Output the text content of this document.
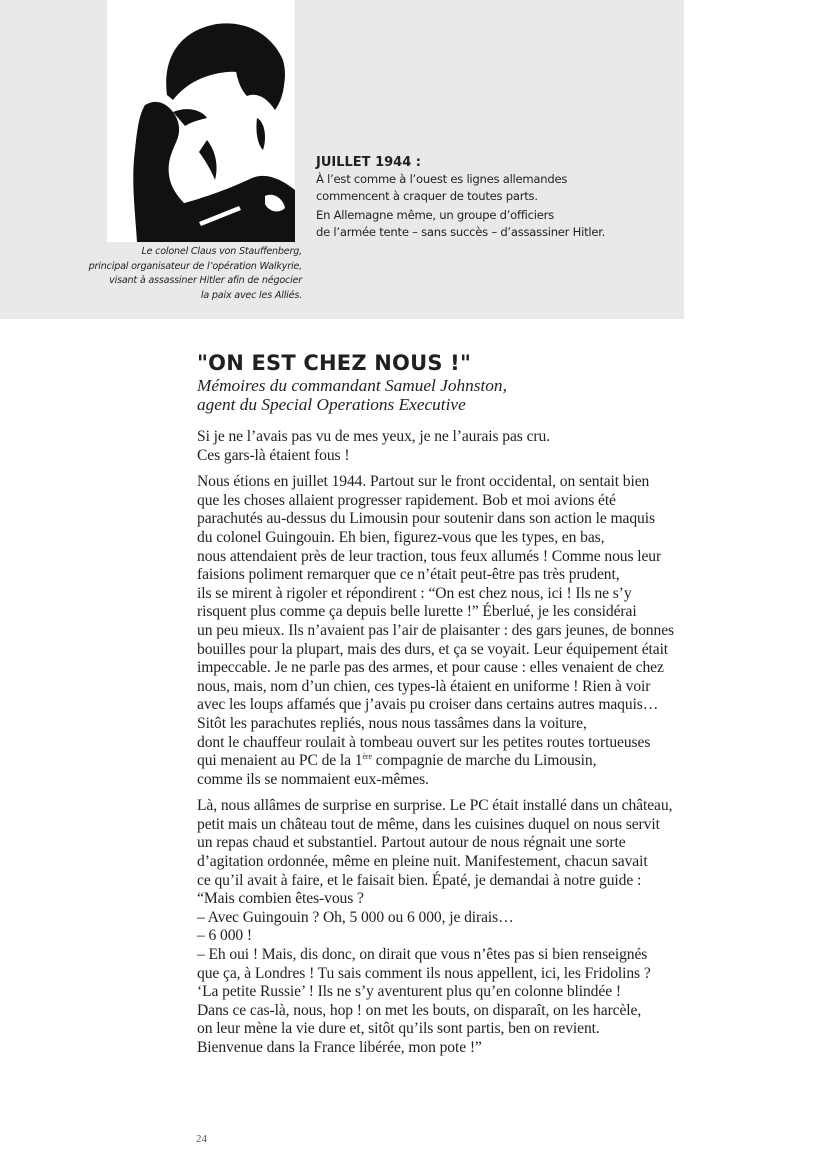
Le colonel Claus von Stauffenberg,
principal organisateur de l’opération Walkyrie,
visant à assassiner Hitler afin de négocier
la paix avec les Alliés.
JUILLET 1944 :

À l’est comme à l’ouest es lignes allemandes
commencent à craquer de toutes parts.

En Allemagne même, un groupe d’officiers
de l’armée tente – sans succès – d’assassiner Hitler.

"ON EST CHEZ NOUS !"
Mémoires du commandant Samuel Johnston,
agent du Special Operations Executive
Si je ne l’avais pas vu de mes yeux, je ne l’aurais pas cru.
Ces gars-là étaient fous !
Nous étions en juillet 1944. Partout sur le front occidental, on sentait bien
que les choses allaient progresser rapidement. Bob et moi avions été
parachutés au-dessus du Limousin pour soutenir dans son action le maquis
du colonel Guingouin. Eh bien, figurez-vous que les types, en bas,
nous attendaient près de leur traction, tous feux allumés ! Comme nous leur
faisions poliment remarquer que ce n’était peut-être pas très prudent,
ils se mirent à rigoler et répondirent : “On est chez nous, ici ! Ils ne s’y
risquent plus comme ça depuis belle lurette !” Éberlué, je les considérai
un peu mieux. Ils n’avaient pas l’air de plaisanter : des gars jeunes, de bonnes
bouilles pour la plupart, mais des durs, et ça se voyait. Leur équipement était
impeccable. Je ne parle pas des armes, et pour cause : elles venaient de chez
nous, mais, nom d’un chien, ces types-là étaient en uniforme ! Rien à voir
avec les loups affamés que j’avais pu croiser dans certains autres maquis…
Sitôt les parachutes repliés, nous nous tassâmes dans la voiture,
dont le chauffeur roulait à tombeau ouvert sur les petites routes tortueuses
qui menaient au PC de la 1ère compagnie de marche du Limousin,
comme ils se nommaient eux-mêmes.
Là, nous allâmes de surprise en surprise. Le PC était installé dans un château,
petit mais un château tout de même, dans les cuisines duquel on nous servit
un repas chaud et substantiel. Partout autour de nous régnait une sorte
d’agitation ordonnée, même en pleine nuit. Manifestement, chacun savait
ce qu’il avait à faire, et le faisait bien. Épaté, je demandai à notre guide :
“Mais combien êtes-vous ?
– Avec Guingouin ? Oh, 5 000 ou 6 000, je dirais…
– 6 000 !
– Eh oui ! Mais, dis donc, on dirait que vous n’êtes pas si bien renseignés
que ça, à Londres ! Tu sais comment ils nous appellent, ici, les Fridolins ?
‘La petite Russie’ ! Ils ne s’y aventurent plus qu’en colonne blindée !
Dans ce cas-là, nous, hop ! on met les bouts, on disparaît, on les harcèle,
on leur mène la vie dure et, sitôt qu’ils sont partis, ben on revient.
Bienvenue dans la France libérée, mon pote !”
24
